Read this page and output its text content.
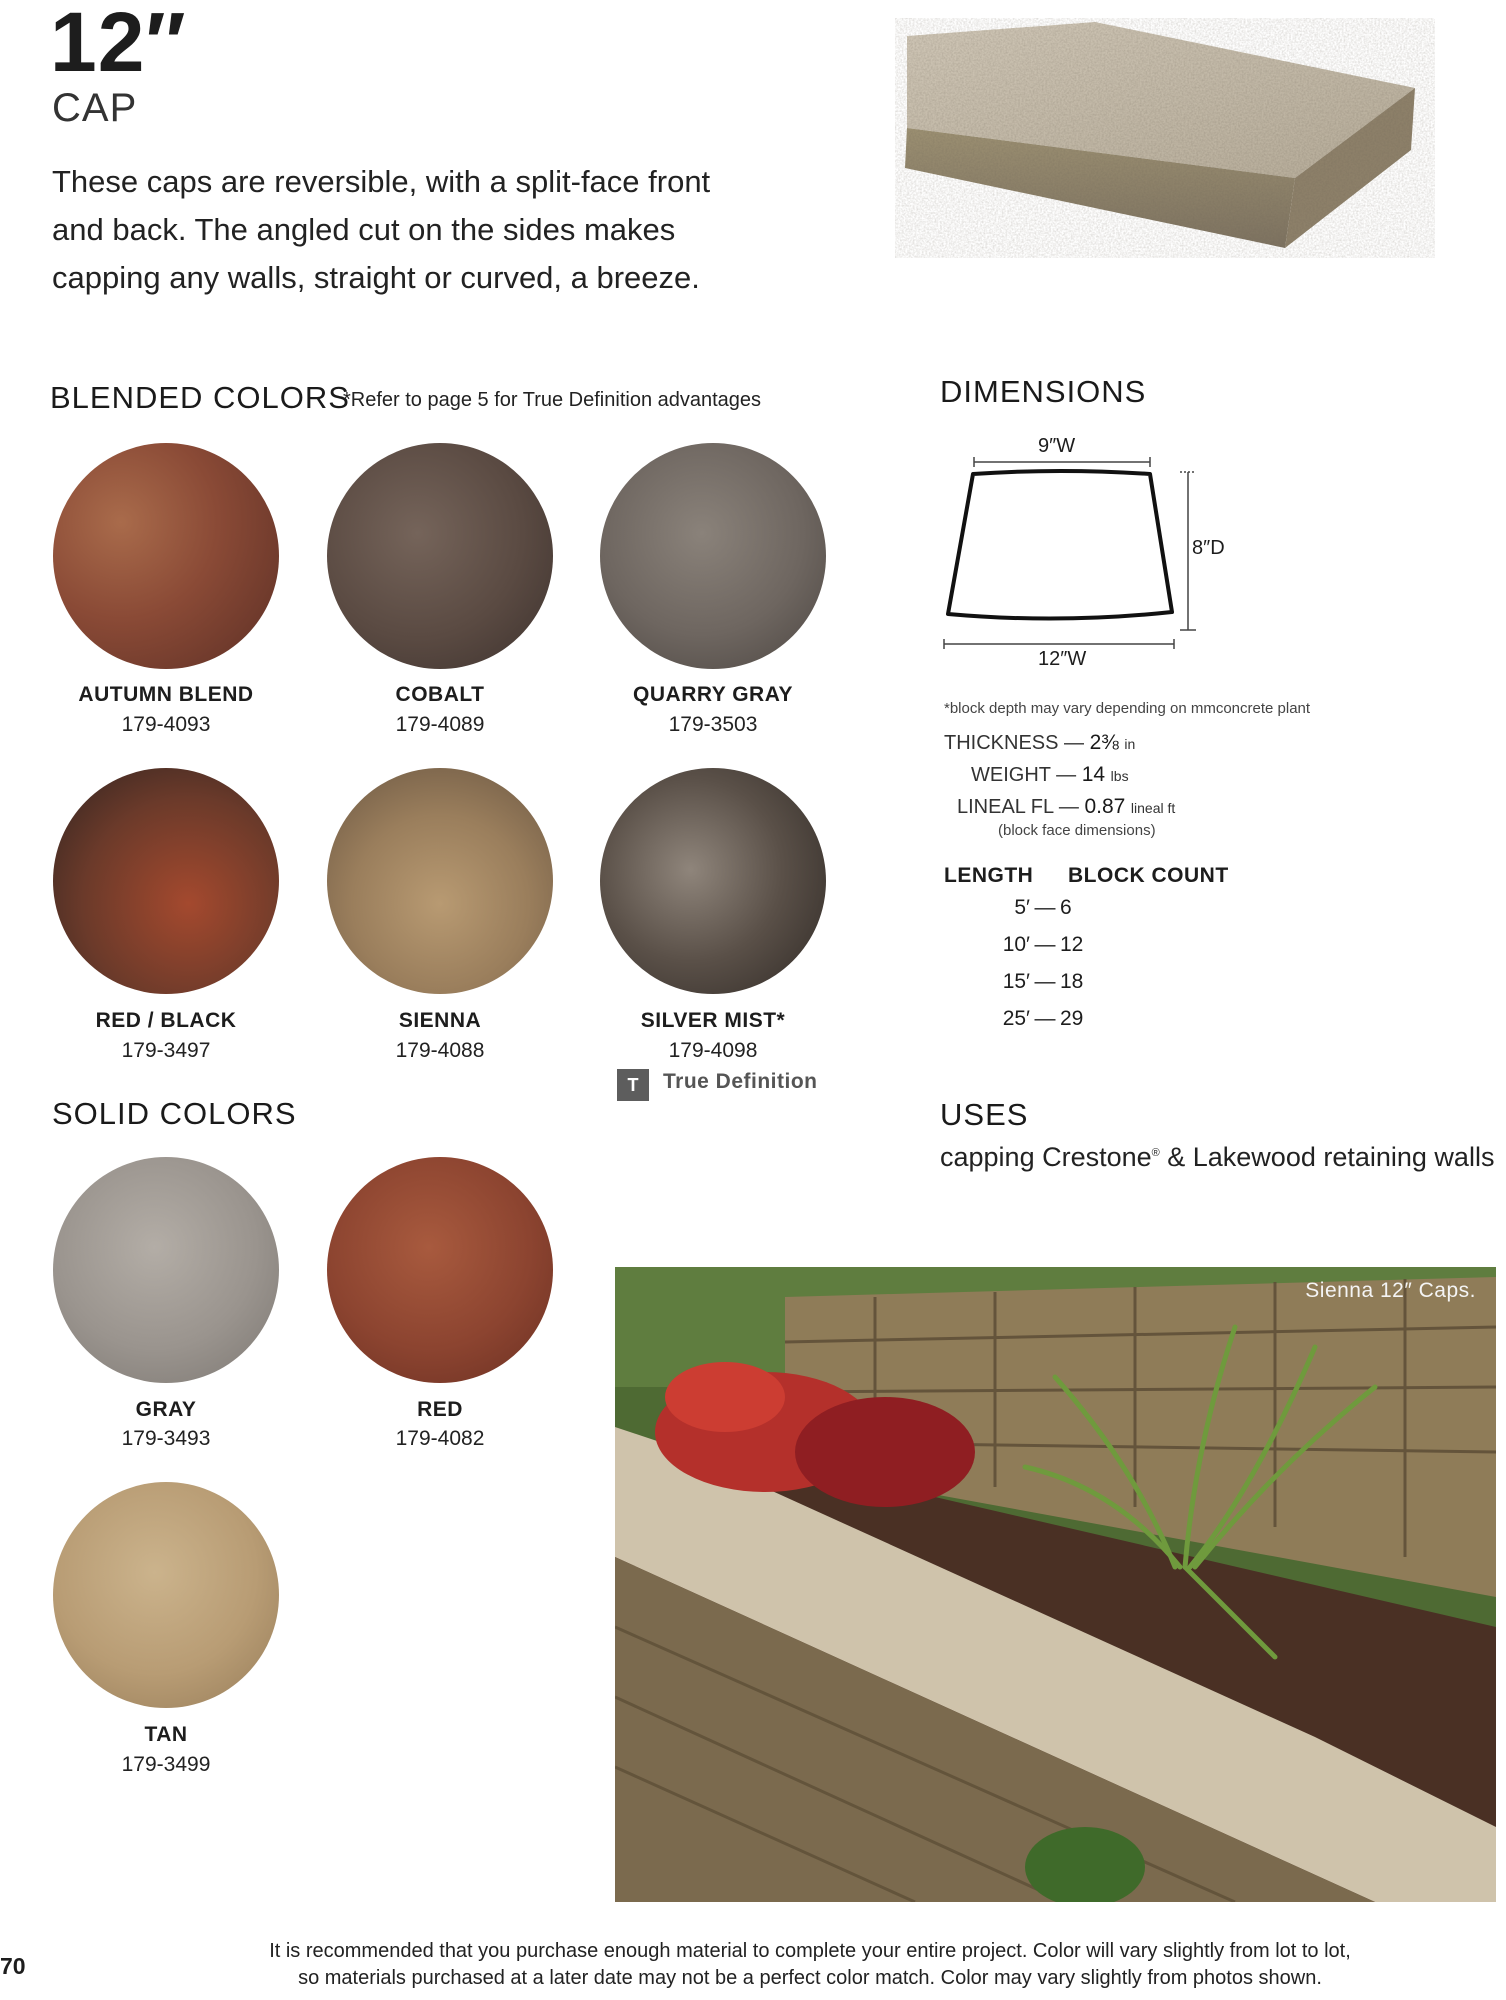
12″
CAP
These caps are reversible, with a split-face front and back. The angled cut on the sides makes capping any walls, straight or curved, a breeze.
BLENDED COLORS
*Refer to page 5 for True Definition advantages
AUTUMN BLEND
179-4093
COBALT
179-4089
QUARRY GRAY
179-3503
RED / BLACK
179-3497
SIENNA
179-4088
SILVER MIST*
179-4098
T	True Definition
SOLID COLORS
GRAY
179-3493
RED
179-4082
TAN
179-3499
DIMENSIONS
9″W
8″D
12″W
*block depth may vary depending on mmconcrete plant
THICKNESS — 2⅜ in
WEIGHT — 14 lbs
LINEAL FL — 0.87 lineal ft
(block face dimensions)
LENGTH BLOCK COUNT
5′ — 6
10′ — 12
15′ — 18
25′ — 29
USES
capping Crestone® & Lakewood retaining walls
Sienna 12″ Caps.
70
It is recommended that you purchase enough material to complete your entire project. Color will vary slightly from lot to lot,
so materials purchased at a later date may not be a perfect color match. Color may vary slightly from photos shown.
